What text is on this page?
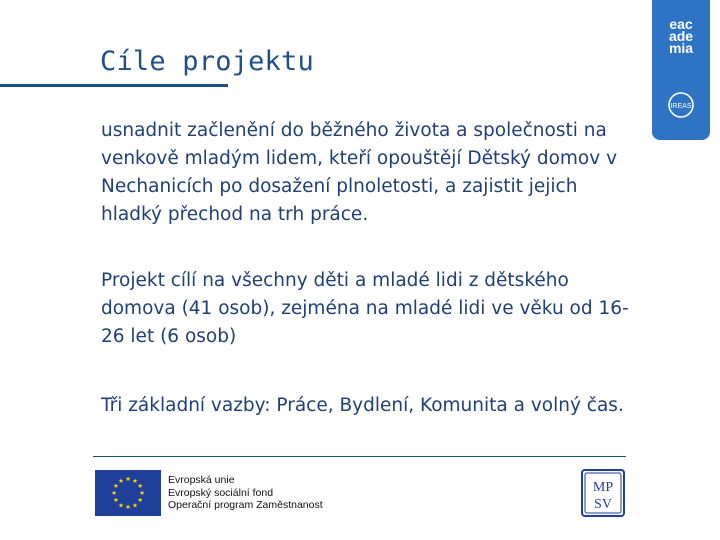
Cíle projektu
eac
ade
mia
IREAS

usnadnit začlenění do běžného života a společnosti na venkově mladým lidem, kteří opouštějí Dětský domov v Nechanicích po dosažení plnoletosti, a zajistit jejich hladký přechod na trh práce.

Projekt cílí na všechny děti a mladé lidi z dětského domova (41 osob), zejména na mladé lidi ve věku od 16-26 let (6 osob)

Tři základní vazby: Práce, Bydlení, Komunita a volný čas.

★ ★
★
★
★
★
★
★
★
★
★
★	Evropská unie
Evropský sociální fond
Operační program Zaměstnanost
MP
SV
